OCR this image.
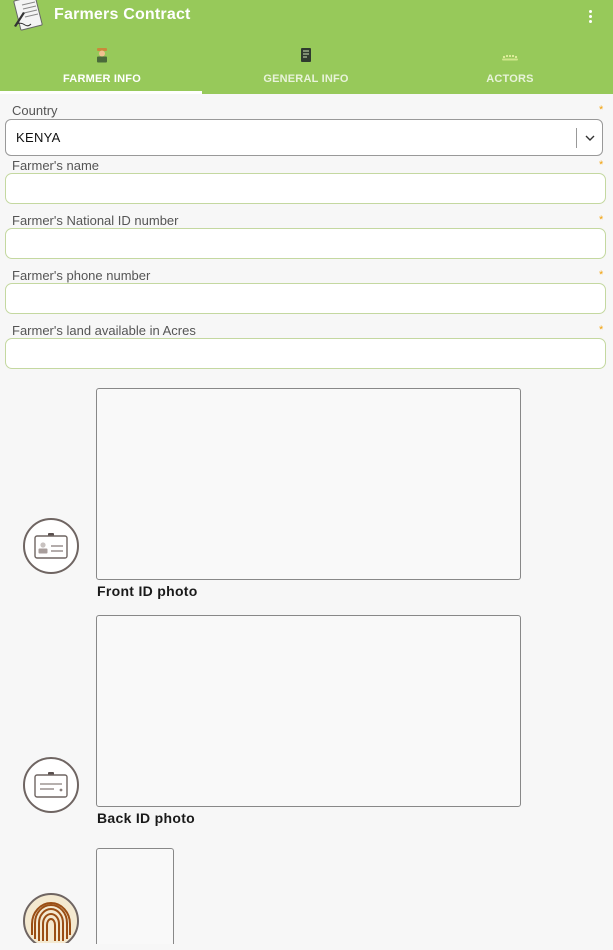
Farmers Contract
FARMER INFO	GENERAL INFO	ACTORS
Country	*
KENYA
Farmer's name	*
Farmer's National ID number	*
Farmer's phone number	*
Farmer's land available in Acres	*
Front ID photo
Back ID photo
